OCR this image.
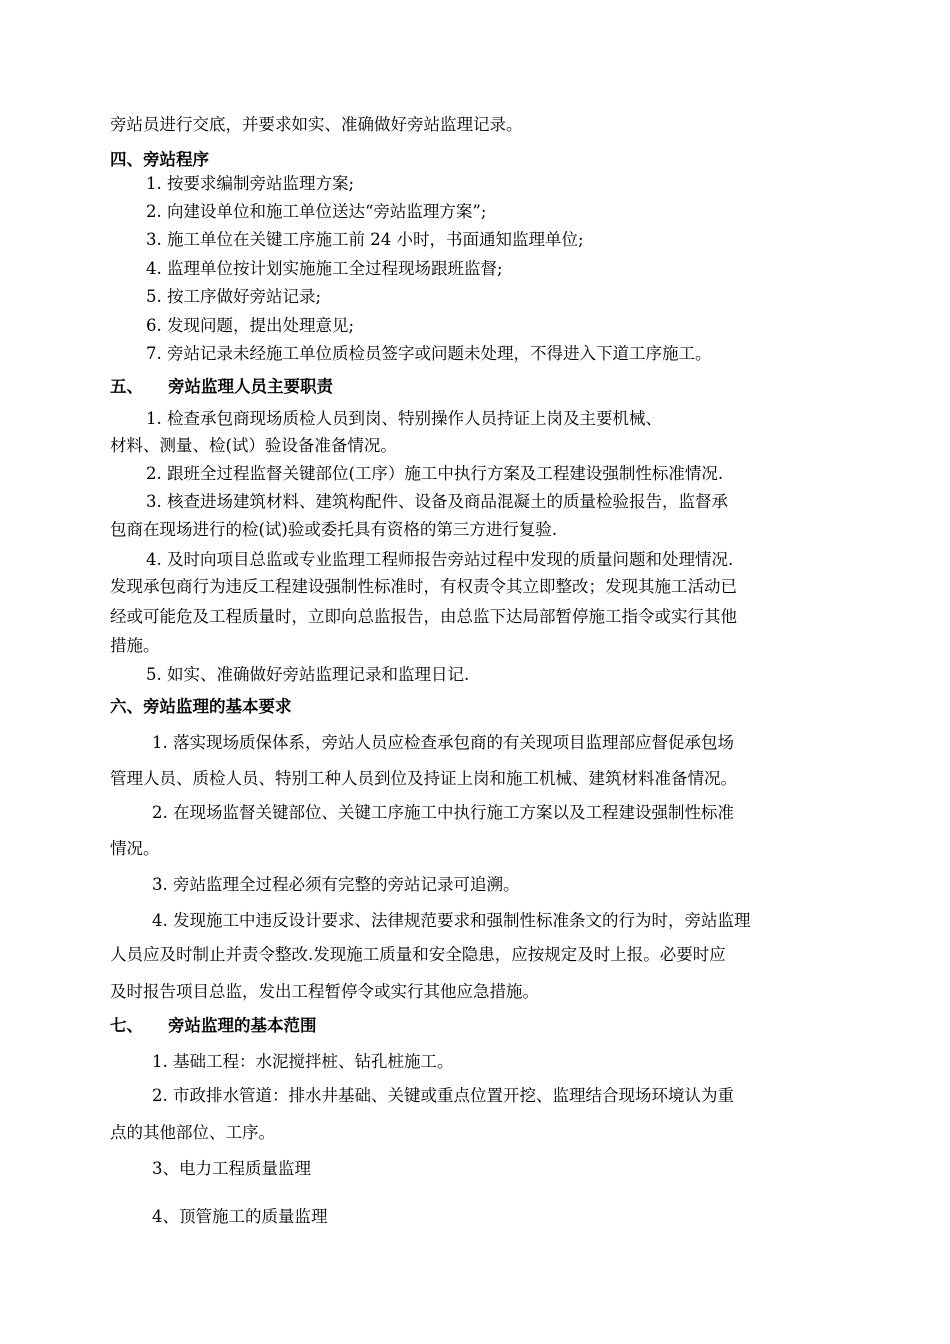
旁站员进行交底，并要求如实、准确做好旁站监理记录。

四、旁站程序

1. 按要求编制旁站监理方案;

2. 向建设单位和施工单位送达“旁站监理方案”;

3. 施工单位在关键工序施工前 24 小时，书面通知监理单位;

4. 监理单位按计划实施施工全过程现场跟班监督;

5. 按工序做好旁站记录;

6. 发现问题，提出处理意见;

7. 旁站记录未经施工单位质检员签字或问题未处理，不得进入下道工序施工。

五、 旁站监理人员主要职责

1. 检查承包商现场质检人员到岗、特别操作人员持证上岗及主要机械、

材料、测量、检(试）验设备准备情况。

2. 跟班全过程监督关键部位(工序）施工中执行方案及工程建设强制性标准情况.

3. 核查进场建筑材料、建筑构配件、设备及商品混凝土的质量检验报告，监督承

包商在现场进行的检(试)验或委托具有资格的第三方进行复验.

4. 及时向项目总监或专业监理工程师报告旁站过程中发现的质量问题和处理情况.

发现承包商行为违反工程建设强制性标准时，有权责令其立即整改；发现其施工活动已

经或可能危及工程质量时，立即向总监报告，由总监下达局部暂停施工指令或实行其他

措施。

5. 如实、准确做好旁站监理记录和监理日记.

六、旁站监理的基本要求

1. 落实现场质保体系，旁站人员应检查承包商的有关现项目监理部应督促承包场

管理人员、质检人员、特别工种人员到位及持证上岗和施工机械、建筑材料准备情况。

2. 在现场监督关键部位、关键工序施工中执行施工方案以及工程建设强制性标准

情况。

3. 旁站监理全过程必须有完整的旁站记录可追溯。

4. 发现施工中违反设计要求、法律规范要求和强制性标准条文的行为时，旁站监理

人员应及时制止并责令整改.发现施工质量和安全隐患，应按规定及时上报。必要时应

及时报告项目总监，发出工程暂停令或实行其他应急措施。

七、 旁站监理的基本范围

1. 基础工程：水泥搅拌桩、钻孔桩施工。

2. 市政排水管道：排水井基础、关键或重点位置开挖、监理结合现场环境认为重

点的其他部位、工序。

3、电力工程质量监理

4、顶管施工的质量监理
